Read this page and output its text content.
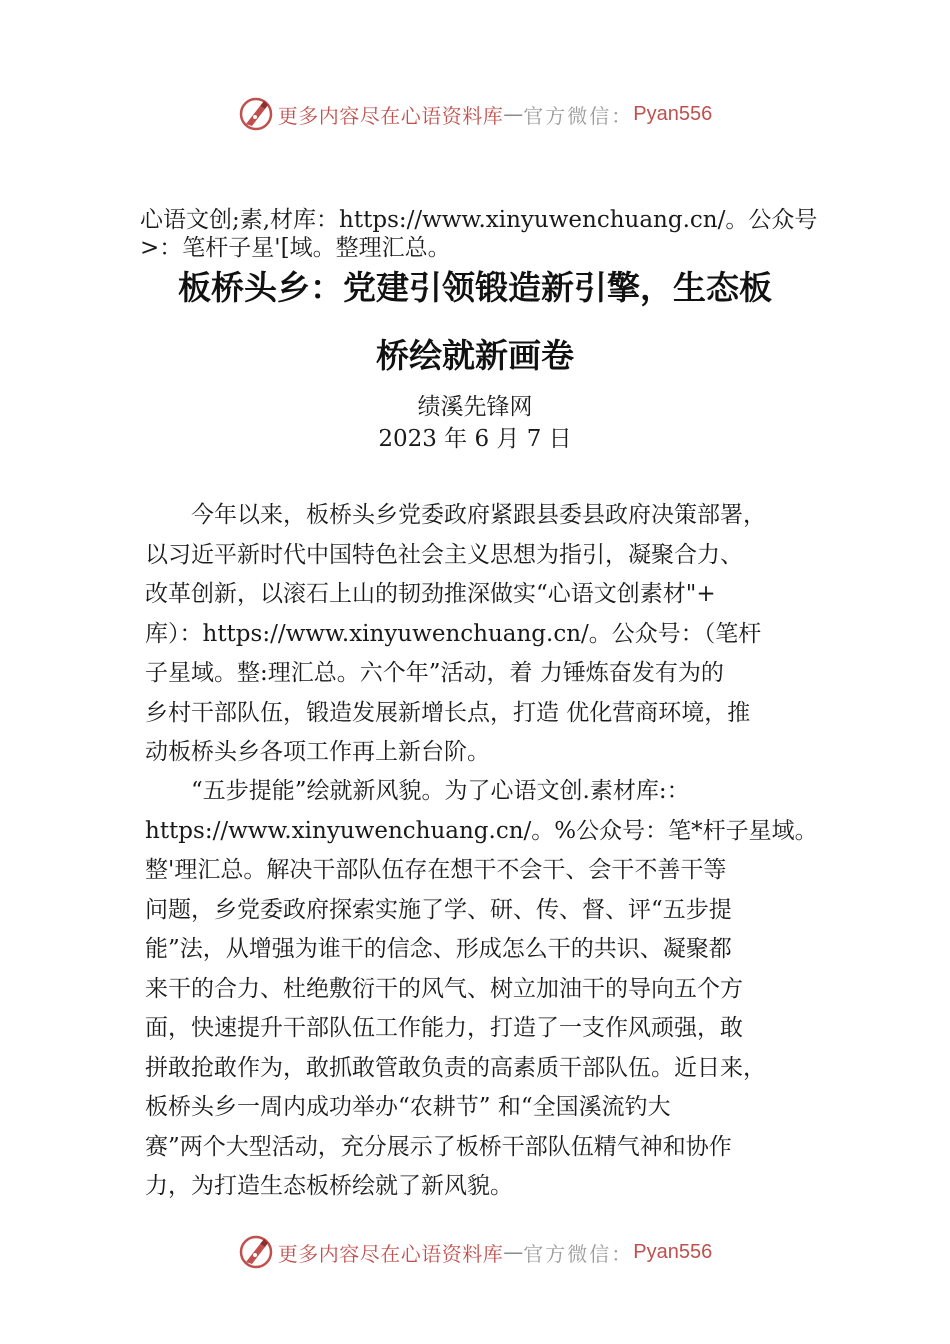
更多内容尽在心语资料库 — 官方微信： Pyan556
心语文创;素,材库：https://www.xinyuwenchuang.cn/。公众号>：笔杆子星'[域。整理汇总。
板桥头乡：党建引领锻造新引擎，生态板
桥绘就新画卷
绩溪先锋网
2023 年 6 月 7 日
　　今年以来，板桥头乡党委政府紧跟县委县政府决策部署，
以习近平新时代中国特色社会主义思想为指引，凝聚合力、
改革创新，以滚石上山的韧劲推深做实“心语文创素材"+
库）：https://www.xinyuwenchuang.cn/。公众号：（笔杆
子星域。整:理汇总。六个年”活动，着 力锤炼奋发有为的
乡村干部队伍，锻造发展新增长点，打造 优化营商环境，推
动板桥头乡各项工作再上新台阶。
　　“五步提能”绘就新风貌。为了心语文创.素材库:：
https://www.xinyuwenchuang.cn/。%公众号：笔*杆子星域。
整'理汇总。解决干部队伍存在想干不会干、会干不善干等
问题，乡党委政府探索实施了学、研、传、督、评“五步提
能”法，从增强为谁干的信念、形成怎么干的共识、凝聚都
来干的合力、杜绝敷衍干的风气、树立加油干的导向五个方
面，快速提升干部队伍工作能力，打造了一支作风顽强，敢
拼敢抢敢作为，敢抓敢管敢负责的高素质干部队伍。近日来，
板桥头乡一周内成功举办“农耕节” 和“全国溪流钓大
赛”两个大型活动，充分展示了板桥干部队伍精气神和协作
力，为打造生态板桥绘就了新风貌。
更多内容尽在心语资料库 — 官方微信： Pyan556
